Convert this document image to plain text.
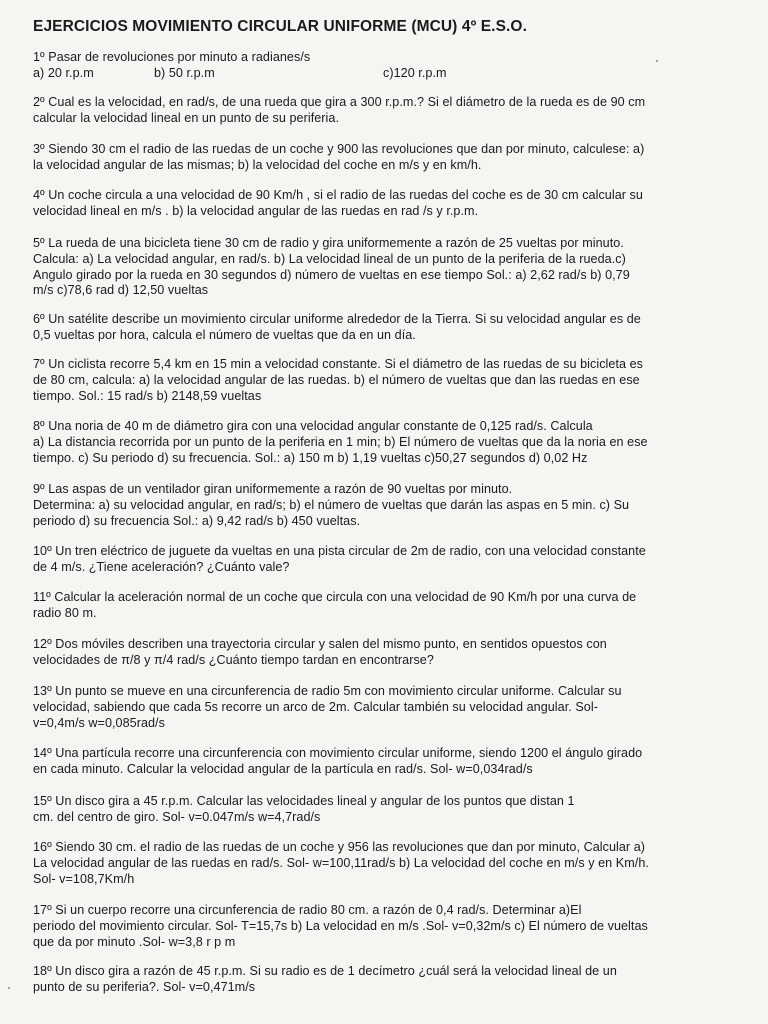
EJERCICIOS MOVIMIENTO CIRCULAR UNIFORME (MCU) 4º E.S.O.
1º Pasar de revoluciones por minuto a radianes/s
a) 20 r.p.m	b) 50 r.p.m	c)120 r.p.m
2º Cual es la velocidad, en rad/s, de una rueda que gira a 300 r.p.m.? Si el diámetro de la rueda es de 90 cm
calcular la velocidad lineal en un punto de su periferia.
3º Siendo 30 cm el radio de las ruedas de un coche y 900 las revoluciones que dan por minuto, calculese: a)
la velocidad angular de las mismas; b) la velocidad del coche en m/s y en km/h.
4º Un coche circula a una velocidad de 90 Km/h , si el radio de las ruedas del coche es de 30 cm calcular su
velocidad lineal en m/s . b) la velocidad angular de las ruedas en rad /s y r.p.m.
5º La rueda de una bicicleta tiene 30 cm de radio y gira uniformemente a razón de 25 vueltas por minuto.
Calcula: a) La velocidad angular, en rad/s. b) La velocidad lineal de un punto de la periferia de la rueda.c)
Angulo girado por la rueda en 30 segundos d) número de vueltas en ese tiempo Sol.: a) 2,62 rad/s b) 0,79
m/s c)78,6 rad d) 12,50 vueltas
6º Un satélite describe un movimiento circular uniforme alrededor de la Tierra. Si su velocidad angular es de
0,5 vueltas por hora, calcula el número de vueltas que da en un día.
7º Un ciclista recorre 5,4 km en 15 min a velocidad constante. Si el diámetro de las ruedas de su bicicleta es
de 80 cm, calcula: a) la velocidad angular de las ruedas. b) el número de vueltas que dan las ruedas en ese
tiempo. Sol.: 15 rad/s b) 2148,59 vueltas
8º Una noria de 40 m de diámetro gira con una velocidad angular constante de 0,125 rad/s. Calcula
a) La distancia recorrida por un punto de la periferia en 1 min; b) El número de vueltas que da la noria en ese
tiempo. c) Su periodo d) su frecuencia. Sol.: a) 150 m b) 1,19 vueltas c)50,27 segundos d) 0,02 Hz
9º Las aspas de un ventilador giran uniformemente a razón de 90 vueltas por minuto.
Determina: a) su velocidad angular, en rad/s; b) el número de vueltas que darán las aspas en 5 min. c) Su
periodo d) su frecuencia Sol.: a) 9,42 rad/s b) 450 vueltas.
10º Un tren eléctrico de juguete da vueltas en una pista circular de 2m de radio, con una velocidad constante
de 4 m/s. ¿Tiene aceleración? ¿Cuánto vale?
11º Calcular la aceleración normal de un coche que circula con una velocidad de 90 Km/h por una curva de
radio 80 m.
12º Dos móviles describen una trayectoria circular y salen del mismo punto, en sentidos opuestos con
velocidades de π/8 y π/4 rad/s ¿Cuánto tiempo tardan en encontrarse?
13º Un punto se mueve en una circunferencia de radio 5m con movimiento circular uniforme. Calcular su
velocidad, sabiendo que cada 5s recorre un arco de 2m. Calcular también su velocidad angular. Sol-
v=0,4m/s w=0,085rad/s
14º Una partícula recorre una circunferencia con movimiento circular uniforme, siendo 1200 el ángulo girado
en cada minuto. Calcular la velocidad angular de la partícula en rad/s. Sol- w=0,034rad/s
15º Un disco gira a 45 r.p.m. Calcular las velocidades lineal y angular de los puntos que distan 1
cm. del centro de giro. Sol- v=0.047m/s w=4,7rad/s
16º Siendo 30 cm. el radio de las ruedas de un coche y 956 las revoluciones que dan por minuto, Calcular a)
La velocidad angular de las ruedas en rad/s. Sol- w=100,11rad/s b) La velocidad del coche en m/s y en Km/h.
Sol- v=108,7Km/h
17º Si un cuerpo recorre una circunferencia de radio 80 cm. a razón de 0,4 rad/s. Determinar a)El
periodo del movimiento circular. Sol- T=15,7s b) La velocidad en m/s .Sol- v=0,32m/s c) El número de vueltas
que da por minuto .Sol- w=3,8 r p m
18º Un disco gira a razón de 45 r.p.m. Si su radio es de 1 decímetro ¿cuál será la velocidad lineal de un
punto de su periferia?. Sol- v=0,471m/s
